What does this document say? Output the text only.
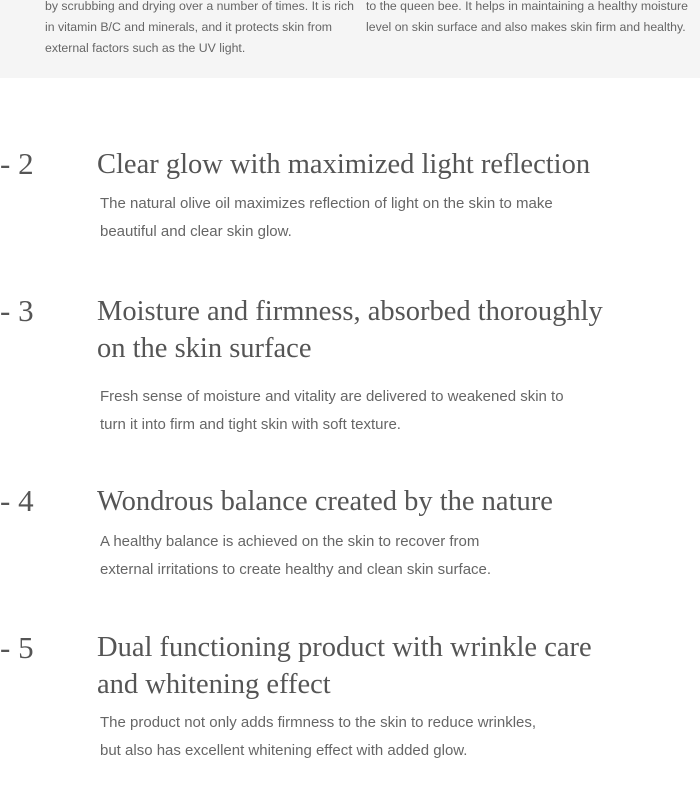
by scrubbing and drying over a number of times. It is rich
in vitamin B/C and minerals, and it protects skin from
external factors such as the UV light.
to the queen bee. It helps in maintaining a healthy moisture
level on skin surface and also makes skin firm and healthy.
- 2 Clear glow with maximized light reflection

The natural olive oil maximizes reflection of light on the skin to make
beautiful and clear skin glow.

- 3 Moisture and firmness, absorbed thoroughly
on the skin surface

Fresh sense of moisture and vitality are delivered to weakened skin to
turn it into firm and tight skin with soft texture.

- 4 Wondrous balance created by the nature

A healthy balance is achieved on the skin to recover from
external irritations to create healthy and clean skin surface.

- 5 Dual functioning product with wrinkle care
and whitening effect

The product not only adds firmness to the skin to reduce wrinkles,
but also has excellent whitening effect with added glow.
